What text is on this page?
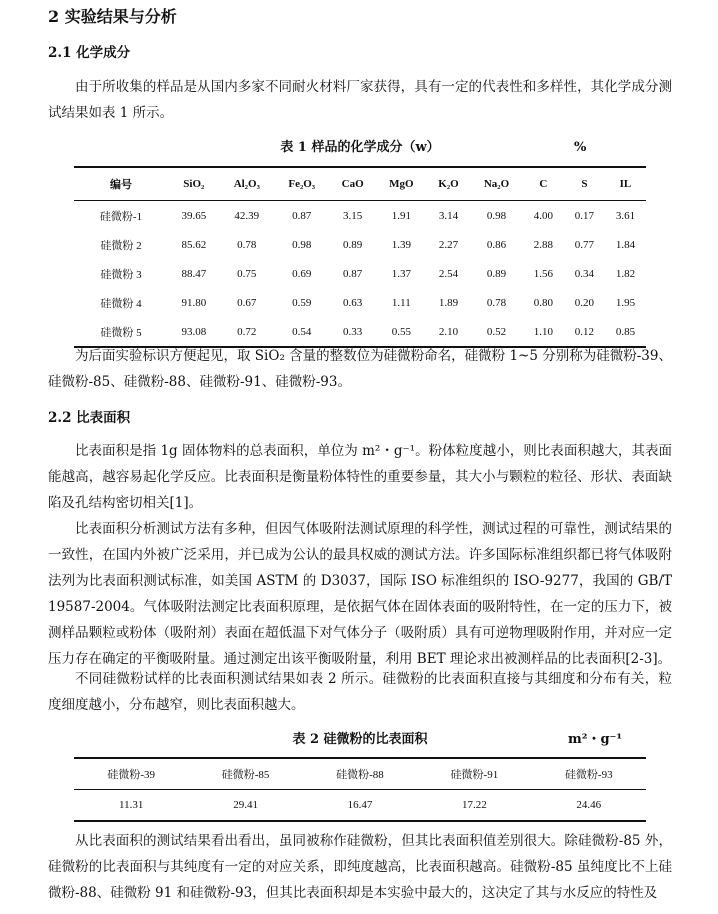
2 实验结果与分析
2.1 化学成分

由于所收集的样品是从国内多家不同耐火材料厂家获得，具有一定的代表性和多样性，其化学成分测试结果如表 1 所示。

表 1 样品的化学成分（w）	%
编号	SiO₂	Al₂O₃	Fe₂O₃	CaO	MgO	K₂O	Na₂O	C	S	IL
硅微粉-1	39.65	42.39	0.87	3.15	1.91	3.14	0.98	4.00	0.17	3.61
硅微粉 2	85.62	0.78	0.98	0.89	1.39	2.27	0.86	2.88	0.77	1.84
硅微粉 3	88.47	0.75	0.69	0.87	1.37	2.54	0.89	1.56	0.34	1.82
硅微粉 4	91.80	0.67	0.59	0.63	1.11	1.89	0.78	0.80	0.20	1.95
硅微粉 5	93.08	0.72	0.54	0.33	0.55	2.10	0.52	1.10	0.12	0.85

为后面实验标识方便起见，取 SiO₂ 含量的整数位为硅微粉命名，硅微粉 1~5 分别称为硅微粉-39、硅微粉-85、硅微粉-88、硅微粉-91、硅微粉-93。

2.2 比表面积

比表面积是指 1g 固体物料的总表面积，单位为 m²・g⁻¹。粉体粒度越小，则比表面积越大，其表面能越高，越容易起化学反应。比表面积是衡量粉体特性的重要参量，其大小与颗粒的粒径、形状、表面缺陷及孔结构密切相关[1]。

比表面积分析测试方法有多种，但因气体吸附法测试原理的科学性，测试过程的可靠性，测试结果的一致性，在国内外被广泛采用，并已成为公认的最具权威的测试方法。许多国际标准组织都已将气体吸附法列为比表面积测试标准，如美国 ASTM 的 D3037，国际 ISO 标准组织的 ISO-9277，我国的 GB/T 19587-2004。气体吸附法测定比表面积原理，是依据气体在固体表面的吸附特性，在一定的压力下，被测样品颗粒或粉体（吸附剂）表面在超低温下对气体分子（吸附质）具有可逆物理吸附作用，并对应一定压力存在确定的平衡吸附量。通过测定出该平衡吸附量，利用 BET 理论求出被测样品的比表面积[2-3]。

不同硅微粉试样的比表面积测试结果如表 2 所示。硅微粉的比表面积直接与其细度和分布有关，粒度细度越小，分布越窄，则比表面积越大。

表 2 硅微粉的比表面积	m²・g⁻¹
硅微粉-39	硅微粉-85	硅微粉-88	硅微粉-91	硅微粉-93
11.31	29.41	16.47	17.22	24.46

从比表面积的测试结果看出看出，虽同被称作硅微粉，但其比表面积值差别很大。除硅微粉-85 外，硅微粉的比表面积与其纯度有一定的对应关系，即纯度越高，比表面积越高。硅微粉-85 虽纯度比不上硅微粉-88、硅微粉 91 和硅微粉-93，但其比表面积却是本实验中最大的，这决定了其与水反应的特性及
